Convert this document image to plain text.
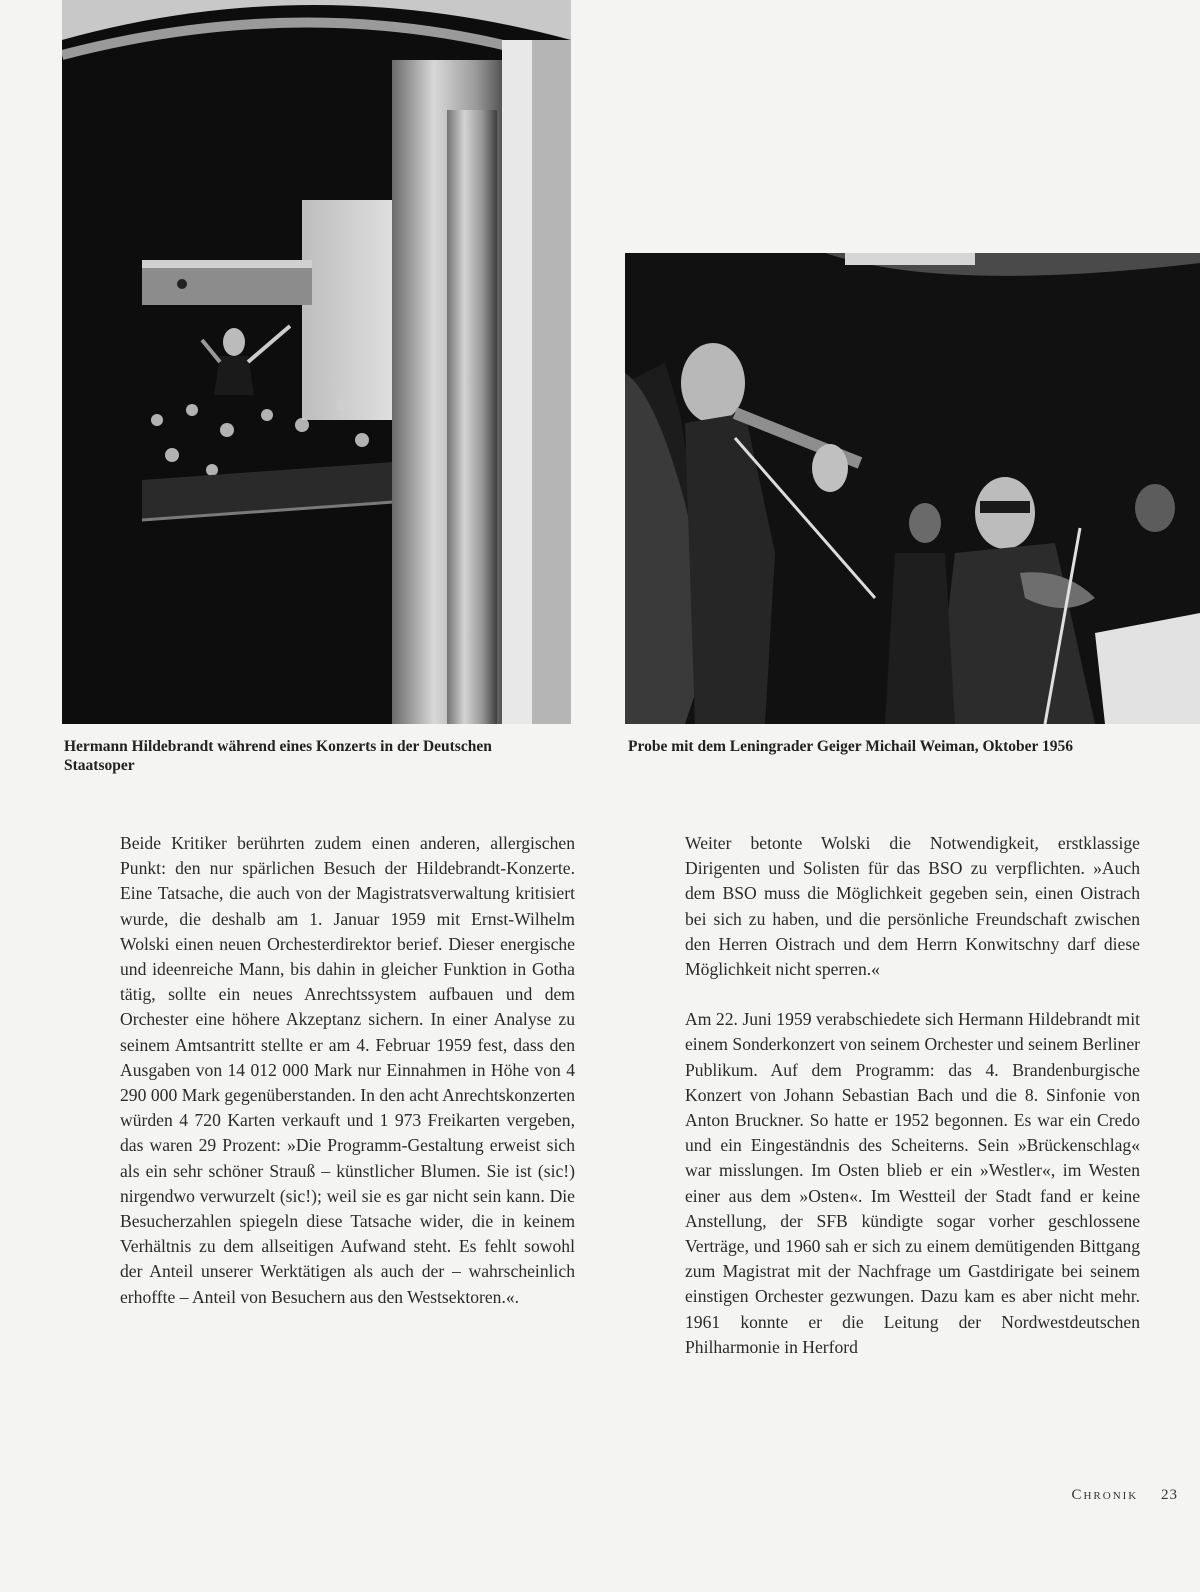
Hermann Hildebrandt während eines Konzerts in der Deutschen Staatsoper
Probe mit dem Leningrader Geiger Michail Weiman, Oktober 1956

Beide Kritiker berührten zudem einen anderen, allergischen Punkt: den nur spärlichen Besuch der Hildebrandt-Konzerte. Eine Tatsache, die auch von der Magistratsverwaltung kritisiert wurde, die deshalb am 1. Januar 1959 mit Ernst-Wilhelm Wolski einen neuen Orchesterdirektor berief. Dieser energische und ideenreiche Mann, bis dahin in gleicher Funktion in Gotha tätig, sollte ein neues Anrechtssystem aufbauen und dem Orchester eine höhere Akzeptanz sichern. In einer Analyse zu seinem Amtsantritt stellte er am 4. Februar 1959 fest, dass den Ausgaben von 14 012 000 Mark nur Einnahmen in Höhe von 4 290 000 Mark gegenüberstanden. In den acht Anrechtskonzerten würden 4 720 Karten verkauft und 1 973 Freikarten vergeben, das waren 29 Prozent: »Die Programm-Gestaltung erweist sich als ein sehr schöner Strauß – künstlicher Blumen. Sie ist (sic!) nirgendwo verwurzelt (sic!); weil sie es gar nicht sein kann. Die Besucherzahlen spiegeln diese Tatsache wider, die in keinem Verhältnis zu dem allseitigen Aufwand steht. Es fehlt sowohl der Anteil unserer Werktätigen als auch der – wahrscheinlich erhoffte – Anteil von Besuchern aus den Westsektoren.«.

Weiter betonte Wolski die Notwendigkeit, erstklassige Dirigenten und Solisten für das BSO zu verpflichten. »Auch dem BSO muss die Möglichkeit gegeben sein, einen Oistrach bei sich zu haben, und die persönliche Freundschaft zwischen den Herren Oistrach und dem Herrn Konwitschny darf diese Möglichkeit nicht sperren.«

Am 22. Juni 1959 verabschiedete sich Hermann Hildebrandt mit einem Sonderkonzert von seinem Orchester und seinem Berliner Publikum. Auf dem Programm: das 4. Brandenburgische Konzert von Johann Sebastian Bach und die 8. Sinfonie von Anton Bruckner. So hatte er 1952 begonnen. Es war ein Credo und ein Eingeständnis des Scheiterns. Sein »Brückenschlag« war misslungen. Im Osten blieb er ein »Westler«, im Westen einer aus dem »Osten«. Im Westteil der Stadt fand er keine Anstellung, der SFB kündigte sogar vorher geschlossene Verträge, und 1960 sah er sich zu einem demütigenden Bittgang zum Magistrat mit der Nachfrage um Gastdirigate bei seinem einstigen Orchester gezwungen. Dazu kam es aber nicht mehr. 1961 konnte er die Leitung der Nordwestdeutschen Philharmonie in Herford

Chronik 23
